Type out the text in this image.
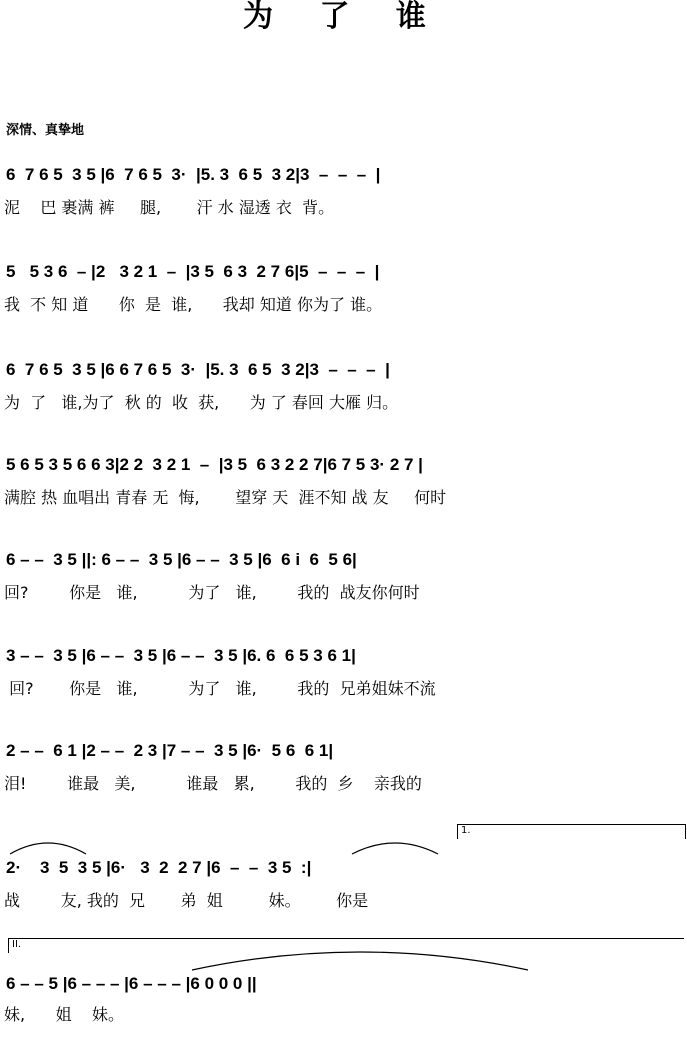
为 了 谁
深情、真挚地
6  7 6 5  3 5 |6  7 6 5  3·  |5. 3  6 5  3 2|3  –  –  –  |
泥    巴 裹满 裤     腿,       汗 水 湿透 衣  背。
5   5 3 6  – |2   3 2 1  –  |3 5  6 3  2 7 6|5  –  –  –  |
我  不 知 道      你  是  谁,      我却 知道 你为了 谁。
6  7 6 5  3 5 |6 6 7 6 5  3·  |5. 3  6 5  3 2|3  –  –  –  |
为  了   谁,为了  秋 的  收  获,      为 了 春回 大雁 归。
5 6 5 3 5 6 6 3|2 2  3 2 1  –  |3 5  6 3 2 2 7|6 7 5 3· 2 7 |
满腔 热 血唱出 青春 无  悔,       望穿 天  涯不知 战 友     何时
6 – –  3 5 ||: 6 – –  3 5 |6 – –  3 5 |6  6 i  6  5 6|
回?        你是   谁,          为了   谁,        我的  战友你何时
3 – –  3 5 |6 – –  3 5 |6 – –  3 5 |6. 6  6 5 3 6 1|
回?       你是   谁,          为了   谁,        我的  兄弟姐妹不流
2 – –  6 1 |2 – –  2 3 |7 – –  3 5 |6·  5 6  6 1|
泪!        谁最   美,          谁最   累,        我的  乡    亲我的
1.
2·    3  5  3 5 |6·   3  2  2 7 |6  –  –  3 5  :|
战        友, 我的  兄       弟  姐         妹。       你是
II.
6 – – 5 |6 – – – |6 – – – |6 0 0 0 ||
妹,      姐    妹。
